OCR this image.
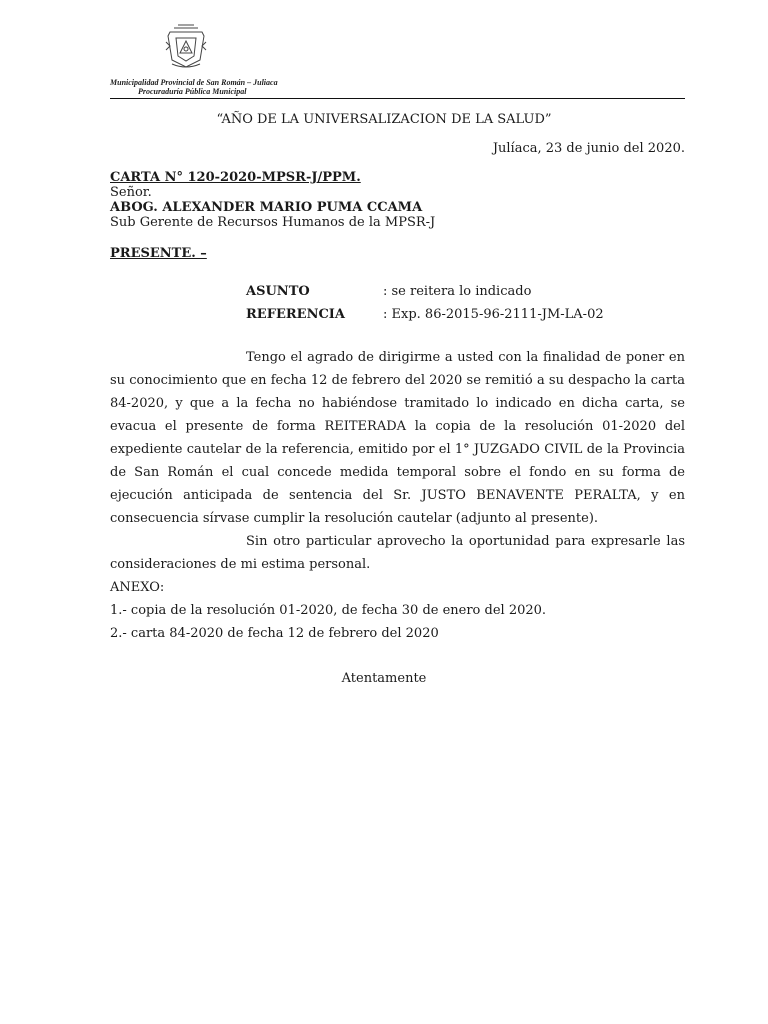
Municipalidad Provincial de San Román – Juliaca
Procuraduría Pública Municipal
“AÑO DE LA UNIVERSALIZACION DE LA SALUD”
Julíaca, 23 de junio del 2020.
CARTA N° 120-2020-MPSR-J/PPM.
Señor.
ABOG. ALEXANDER MARIO PUMA CCAMA
Sub Gerente de Recursos Humanos de la MPSR-J
PRESENTE. –
ASUNTO	: se reitera lo indicado
REFERENCIA	: Exp. 86-2015-96-2111-JM-LA-02
Tengo el agrado de dirigirme a usted con la finalidad de poner en su conocimiento que en fecha 12 de febrero del 2020 se remitió a su despacho la carta 84-2020, y que a la fecha no habiéndose tramitado lo indicado en dicha carta, se evacua el presente de forma REITERADA la copia de la resolución 01-2020 del expediente cautelar de la referencia, emitido por el 1° JUZGADO CIVIL de la Provincia de San Román el cual concede medida temporal sobre el fondo en su forma de ejecución anticipada de sentencia del Sr. JUSTO BENAVENTE PERALTA, y en consecuencia sírvase cumplir la resolución cautelar (adjunto al presente).
Sin otro particular aprovecho la oportunidad para expresarle las consideraciones de mi estima personal.
ANEXO:
1.- copia de la resolución 01-2020, de fecha 30 de enero del 2020.
2.- carta 84-2020 de fecha 12 de febrero del 2020
Atentamente
